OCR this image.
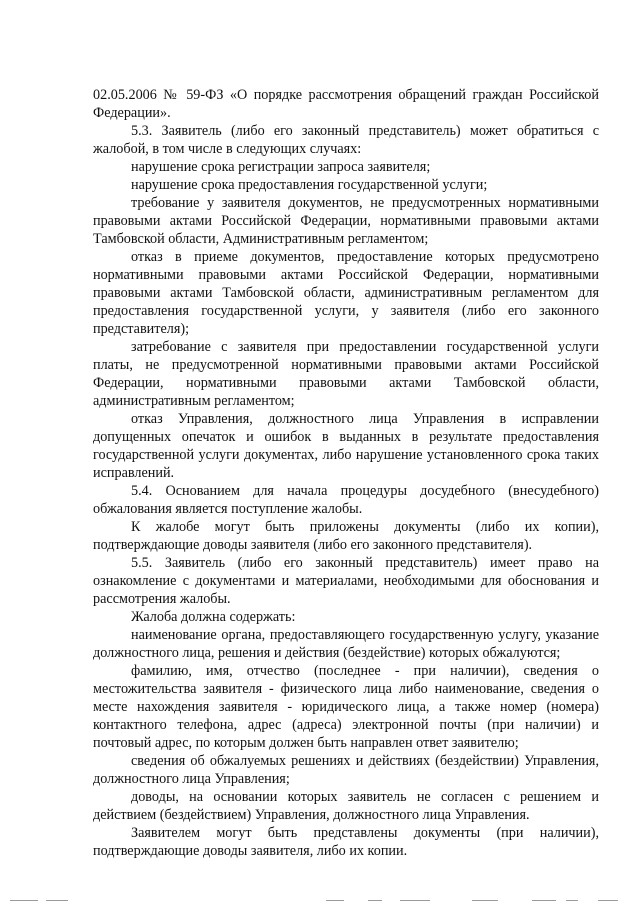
02.05.2006 № 59-ФЗ «О порядке рассмотрения обращений граждан Российской Федерации».

5.3. Заявитель (либо его законный представитель) может обратиться с жалобой, в том числе в следующих случаях:

нарушение срока регистрации запроса заявителя;

нарушение срока предоставления государственной услуги;

требование у заявителя документов, не предусмотренных нормативными правовыми актами Российской Федерации, нормативными правовыми актами Тамбовской области, Административным регламентом;

отказ в приеме документов, предоставление которых предусмотрено нормативными правовыми актами Российской Федерации, нормативными правовыми актами Тамбовской области, административным регламентом для предоставления государственной услуги, у заявителя (либо его законного представителя);

затребование с заявителя при предоставлении государственной услуги платы, не предусмотренной нормативными правовыми актами Российской Федерации, нормативными правовыми актами Тамбовской области, административным регламентом;

отказ Управления, должностного лица Управления в исправлении допущенных опечаток и ошибок в выданных в результате предоставления государственной услуги документах, либо нарушение установленного срока таких исправлений.

5.4. Основанием для начала процедуры досудебного (внесудебного) обжалования является поступление жалобы.

К жалобе могут быть приложены документы (либо их копии), подтверждающие доводы заявителя (либо его законного представителя).

5.5. Заявитель (либо его законный представитель) имеет право на ознакомление с документами и материалами, необходимыми для обоснования и рассмотрения жалобы.

Жалоба должна содержать:

наименование органа, предоставляющего государственную услугу, указание должностного лица, решения и действия (бездействие) которых обжалуются;

фамилию, имя, отчество (последнее - при наличии), сведения о местожительства заявителя - физического лица либо наименование, сведения о месте нахождения заявителя - юридического лица, а также номер (номера) контактного телефона, адрес (адреса) электронной почты (при наличии) и почтовый адрес, по которым должен быть направлен ответ заявителю;

сведения об обжалуемых решениях и действиях (бездействии) Управления, должностного лица Управления;

доводы, на основании которых заявитель не согласен с решением и действием (бездействием) Управления, должностного лица Управления.

Заявителем могут быть представлены документы (при наличии), подтверждающие доводы заявителя, либо их копии.
